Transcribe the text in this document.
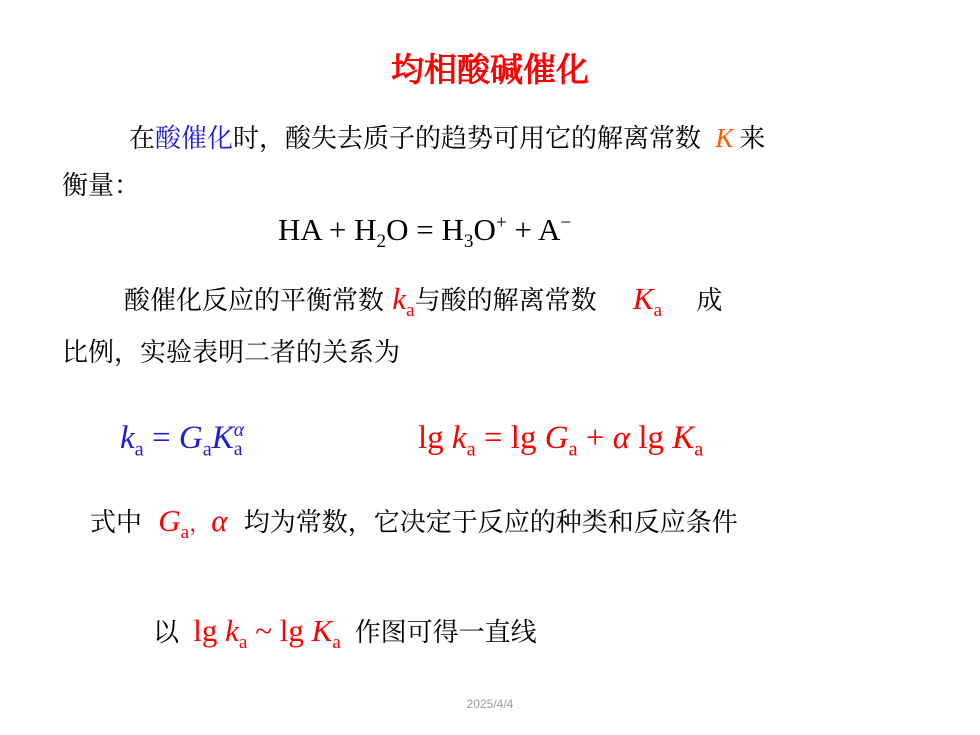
均相酸碱催化
在酸催化时，酸失去质子的趋势可用它的解离常数 K 来
衡量：
HA + $H_2O = H_3O^+ + A^-$
酸催化反应的平衡常数 $k_a$与酸的解离常数 $K_a$ 成
比例，实验表明二者的关系为
$k_a = G_aK$ α
a	$\lg k_a = \lg G_a + \alpha$ $\lg K_a$
式中 $G_a$，α 均为常数，它决定于反应的种类和反应条件
以 $\lg k_a$ ~ $\lg K_a$ 作图可得一直线
2025/4/4
